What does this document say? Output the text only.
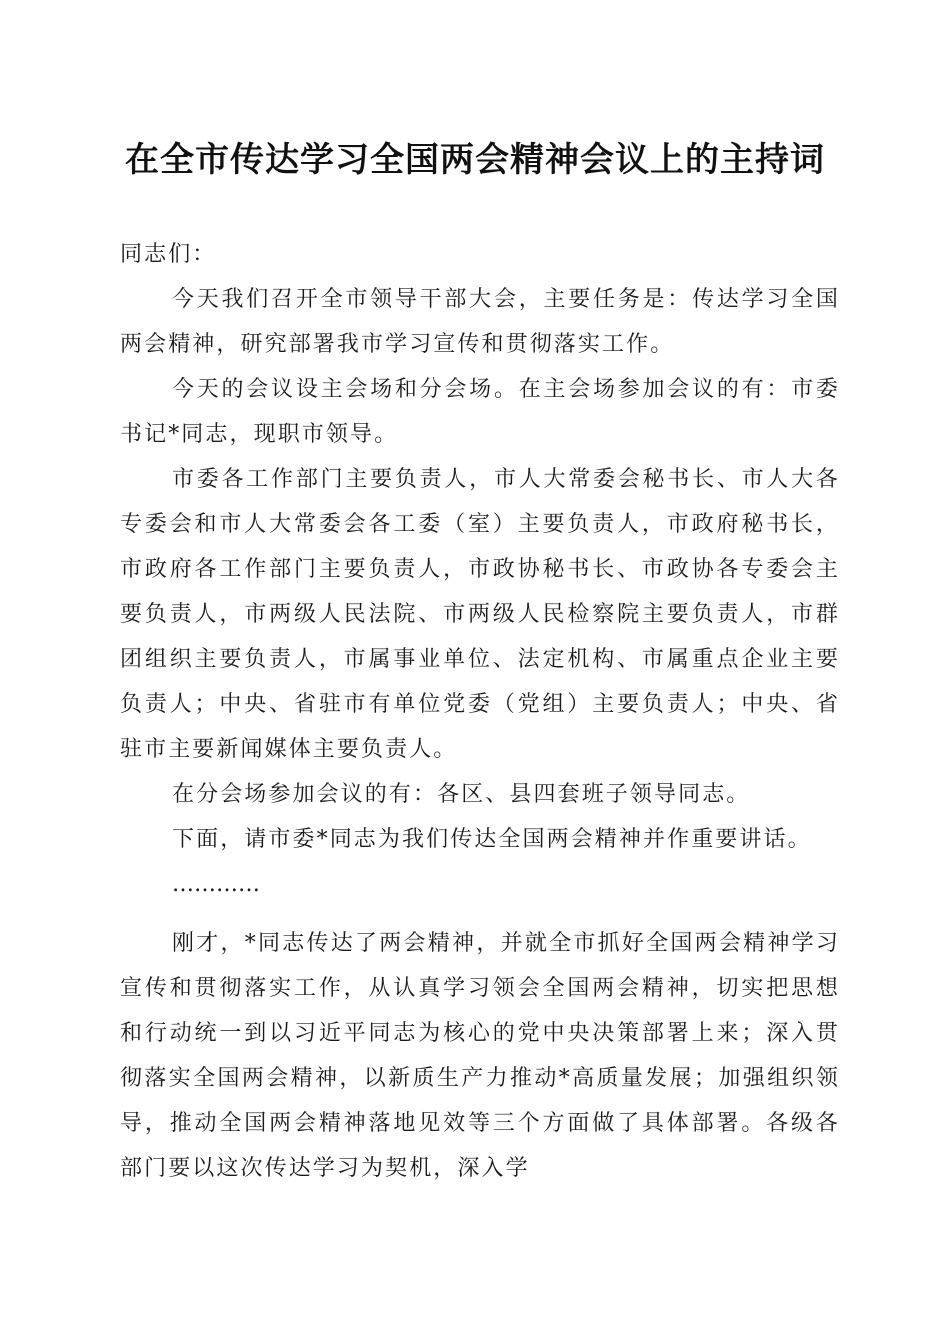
在全市传达学习全国两会精神会议上的主持词

同志们：

今天我们召开全市领导干部大会，主要任务是：传达学习全国两会精神，研究部署我市学习宣传和贯彻落实工作。

今天的会议设主会场和分会场。在主会场参加会议的有：市委书记*同志，现职市领导。

市委各工作部门主要负责人，市人大常委会秘书长、市人大各专委会和市人大常委会各工委（室）主要负责人，市政府秘书长，市政府各工作部门主要负责人，市政协秘书长、市政协各专委会主要负责人，市两级人民法院、市两级人民检察院主要负责人，市群团组织主要负责人，市属事业单位、法定机构、市属重点企业主要负责人；中央、省驻市有单位党委（党组）主要负责人；中央、省驻市主要新闻媒体主要负责人。

在分会场参加会议的有：各区、县四套班子领导同志。

下面，请市委*同志为我们传达全国两会精神并作重要讲话。

…………

刚才，*同志传达了两会精神，并就全市抓好全国两会精神学习宣传和贯彻落实工作，从认真学习领会全国两会精神，切实把思想和行动统一到以习近平同志为核心的党中央决策部署上来；深入贯彻落实全国两会精神，以新质生产力推动*高质量发展；加强组织领导，推动全国两会精神落地见效等三个方面做了具体部署。各级各部门要以这次传达学习为契机，深入学
